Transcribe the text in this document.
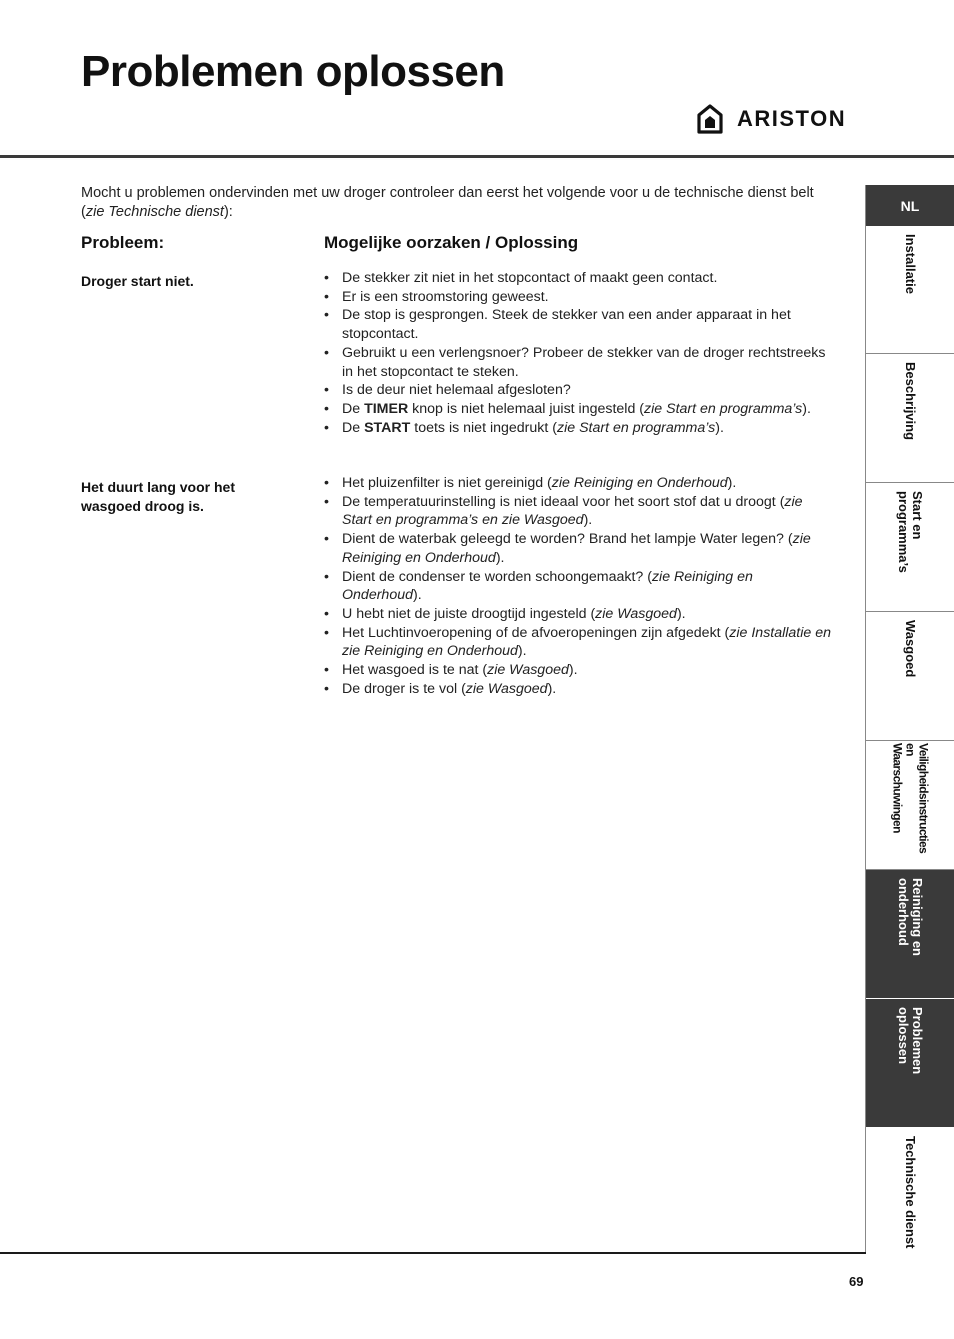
Problemen oplossen
ARISTON

Mocht u problemen ondervinden met uw droger controleer dan eerst het volgende voor u de technische dienst belt (zie Technische dienst):

Probleem:	Mogelijke oorzaken / Oplossing

Droger start niet.

•	De stekker zit niet in het stopcontact of maakt geen contact.
• Er is een stroomstoring geweest.
• De stop is gesprongen. Steek de stekker van een ander apparaat in het stopcontact.
• Gebruikt u een verlengsnoer? Probeer de stekker van de droger rechtstreeks in het stopcontact te steken.
• Is de deur niet helemaal afgesloten?
• De TIMER knop is niet helemaal juist ingesteld (zie Start en programma’s).
• De START toets is niet ingedrukt (zie Start en programma’s).

Het duurt lang voor het wasgoed droog is.

• Het pluizenfilter is niet gereinigd (zie Reiniging en Onderhoud).
• De temperatuurinstelling is niet ideaal voor het soort stof dat u droogt (zie Start en programma’s en zie Wasgoed).
• Dient de waterbak geleegd te worden? Brand het lampje Water legen? (zie Reiniging en Onderhoud).
• Dient de condenser te worden schoongemaakt? (zie Reiniging en Onderhoud).
• U hebt niet de juiste droogtijd ingesteld (zie Wasgoed).
• Het Luchtinvoeropening of de afvoeropeningen zijn afgedekt (zie Installatie en zie Reiniging en Onderhoud).
• Het wasgoed is te nat (zie Wasgoed).
• De droger is te vol (zie Wasgoed).
NL
Installatie
Beschrijving
Start en
programma’s
Wasgoed
Veiligheidsinstructies
en
Waarschuwingen
Reiniging en
onderhoud
Problemen
oplossen
Technische dienst
69
